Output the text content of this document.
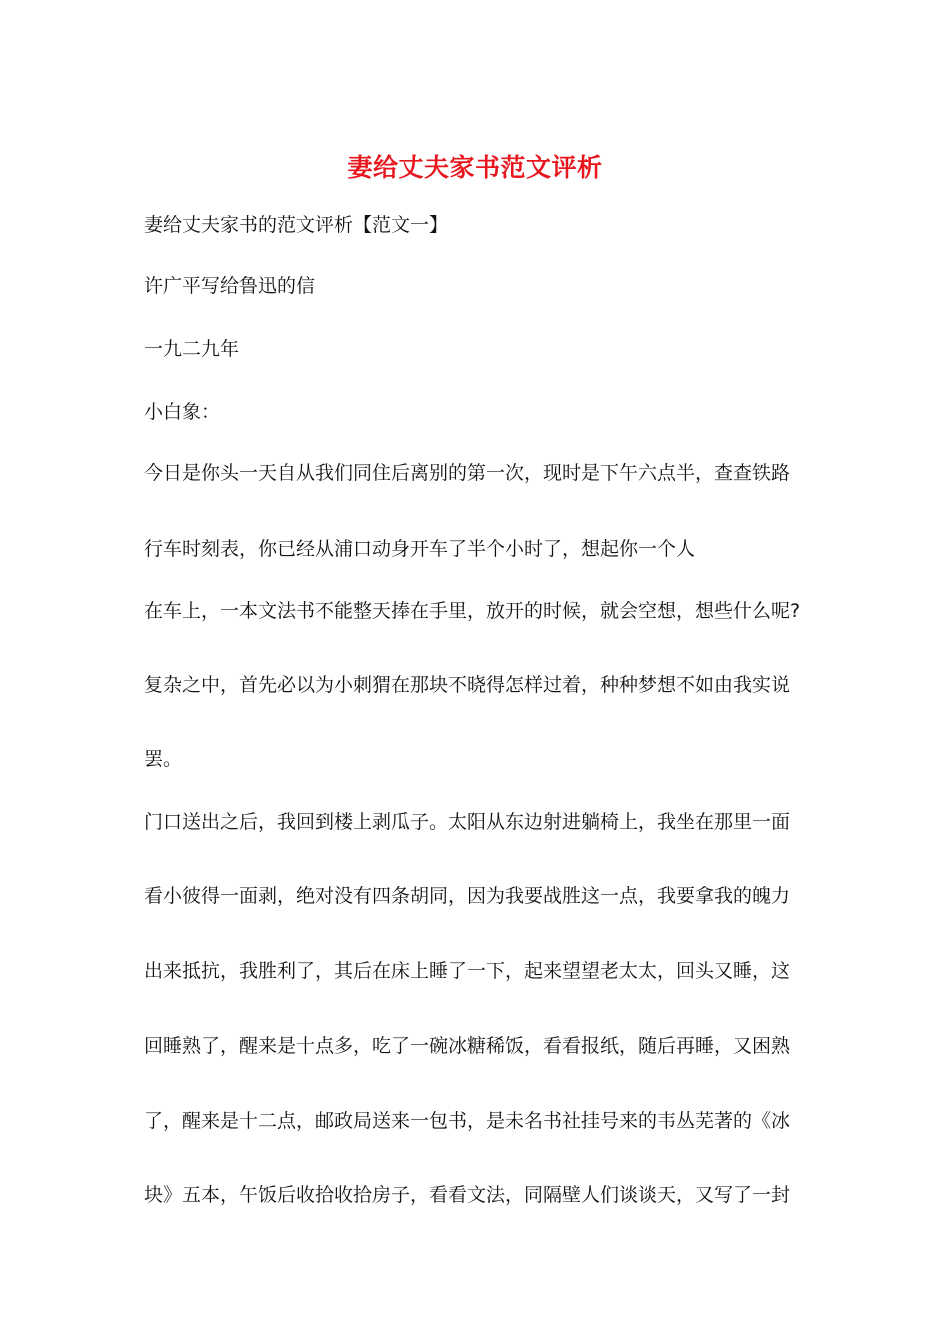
妻给丈夫家书范文评析
妻给丈夫家书的范文评析【范文一】
许广平写给鲁迅的信
一九二九年
小白象：
今日是你头一天自从我们同住后离别的第一次，现时是下午六点半，查查铁路
行车时刻表，你已经从浦口动身开车了半个小时了，想起你一个人
在车上，一本文法书不能整天捧在手里，放开的时候，就会空想，想些什么呢?
复杂之中，首先必以为小刺猬在那块不晓得怎样过着，种种梦想不如由我实说
罢。
门口送出之后，我回到楼上剥瓜子。太阳从东边射进躺椅上，我坐在那里一面
看小彼得一面剥，绝对没有四条胡同，因为我要战胜这一点，我要拿我的魄力
出来抵抗，我胜利了，其后在床上睡了一下，起来望望老太太，回头又睡，这
回睡熟了，醒来是十点多，吃了一碗冰糖稀饭，看看报纸，随后再睡，又困熟
了，醒来是十二点，邮政局送来一包书，是未名书社挂号来的韦丛芜著的《冰
块》五本，午饭后收拾收拾房子，看看文法，同隔壁人们谈谈天，又写了一封
